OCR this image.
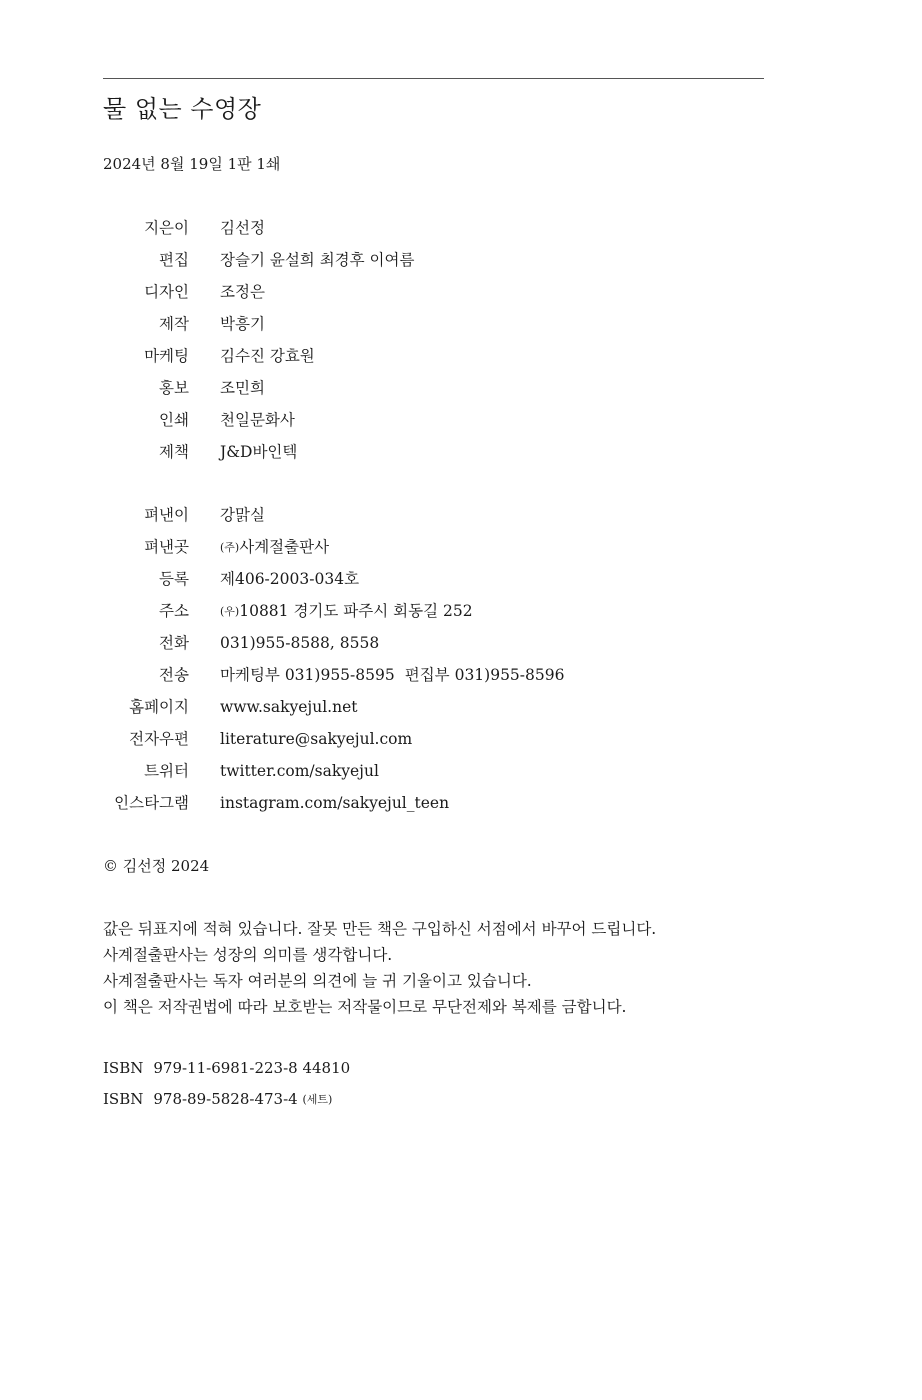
물 없는 수영장
2024년 8월 19일 1판 1쇄
지은이 김선정
편집 장슬기 윤설희 최경후 이여름
디자인 조정은
제작 박흥기
마케팅 김수진 강효원
홍보 조민희
인쇄 천일문화사
제책 J&D바인텍
펴낸이 강맑실
펴낸곳	(주)사계절출판사
등록 제406-2003-034호
주소	(우)10881 경기도 파주시 회동길 252
전화 031)955-8588, 8558
전송 마케팅부 031)955-8595 편집부 031)955-8596
홈페이지 www.sakyejul.net
전자우편 literature@sakyejul.com
트위터 twitter.com/sakyejul
인스타그램 instagram.com/sakyejul_teen
© 김선정 2024
값은 뒤표지에 적혀 있습니다. 잘못 만든 책은 구입하신 서점에서 바꾸어 드립니다.
사계절출판사는 성장의 의미를 생각합니다.
사계절출판사는 독자 여러분의 의견에 늘 귀 기울이고 있습니다.
이 책은 저작권법에 따라 보호받는 저작물이므로 무단전제와 복제를 금합니다.
ISBN 979-11-6981-223-8 44810
ISBN 978-89-5828-473-4 (세트)
